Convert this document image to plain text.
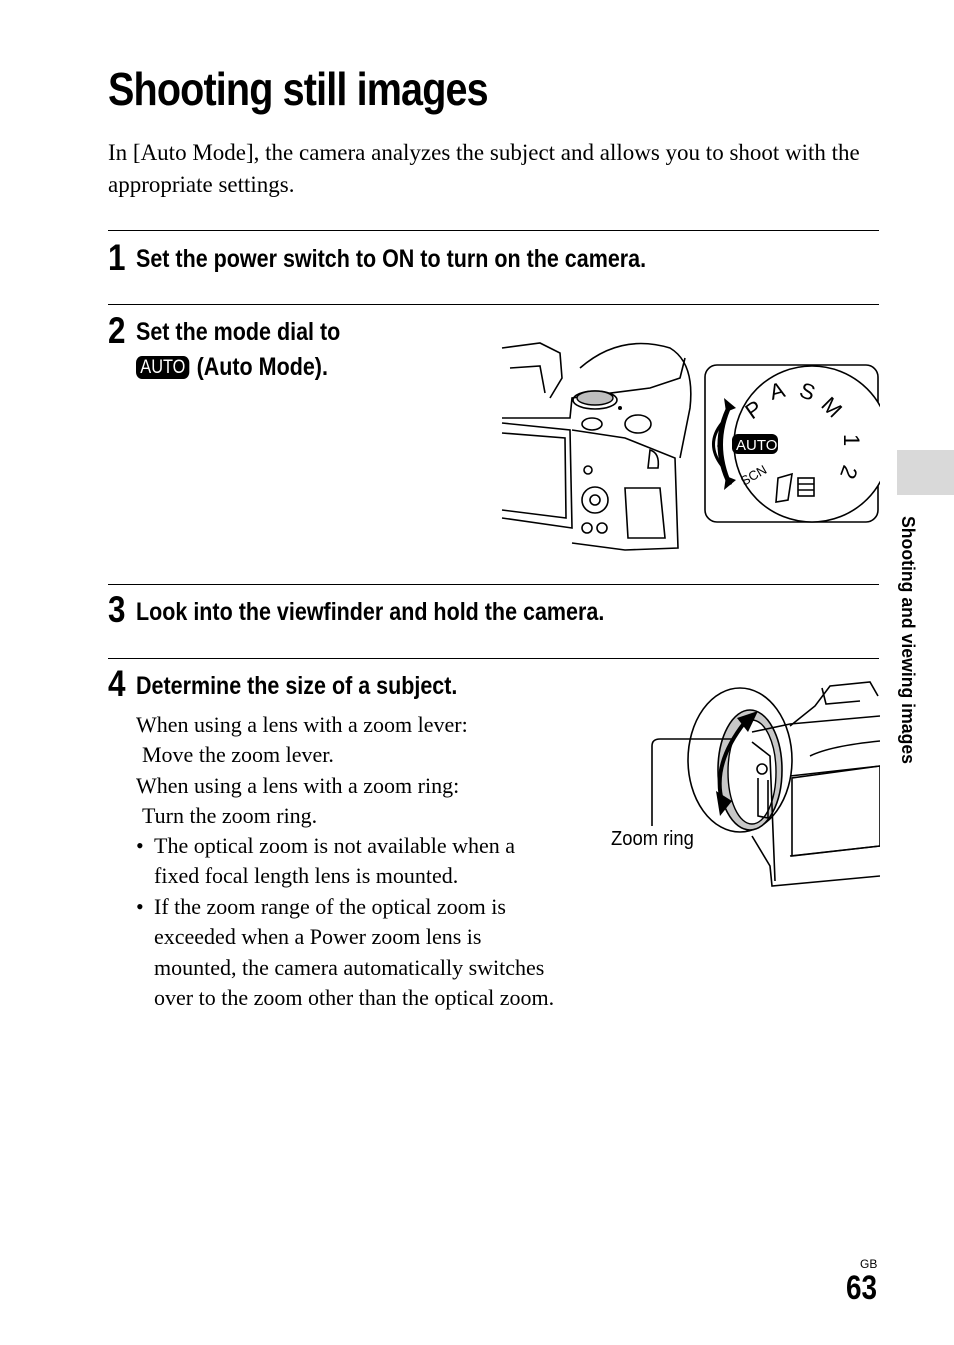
Shooting still images

In [Auto Mode], the camera analyzes the subject and allows you to shoot with the appropriate settings.

1 Set the power switch to ON to turn on the camera.
2 Set the mode dial to
AUTO (Auto Mode).
P
A S
M
1
2
AUTO
SCN
3 Look into the viewfinder and hold the camera.
4 Determine the size of a subject.
When using a lens with a zoom lever:
Move the zoom lever.
When using a lens with a zoom ring:
Turn the zoom ring.
• The optical zoom is not available when a fixed focal length lens is mounted.
• If the zoom range of the optical zoom is exceeded when a Power zoom lens is mounted, the camera automatically switches over to the zoom other than the optical zoom.
Zoom ring
Shooting and viewing images
GB
63
